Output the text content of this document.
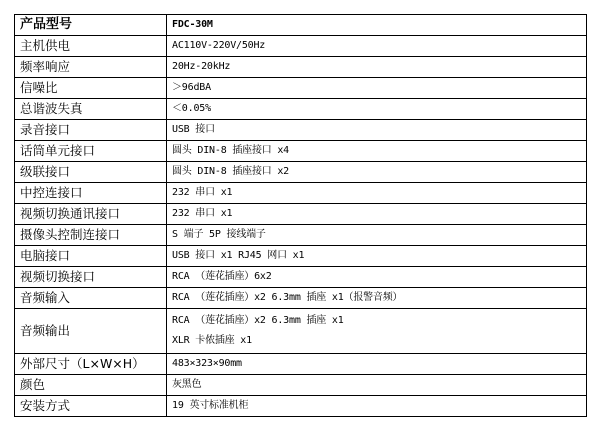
产品型号	FDC-30M
主机供电	AC110V-220V/50Hz
频率响应	20Hz-20kHz
信噪比	＞96dBA
总谐波失真	＜0.05%
录音接口	USB 接口
话筒单元接口	圆头 DIN-8 插座接口 x4
级联接口	圆头 DIN-8 插座接口 x2
中控连接口	232 串口 x1
视频切换通讯接口	232 串口 x1
摄像头控制连接口	S 端子 5P 接线端子
电脑接口	USB 接口 x1 RJ45 网口 x1
视频切换接口	RCA （莲花插座）6x2
音频输入	RCA （莲花插座）x2 6.3mm 插座 x1（报警音频）
音频输出	RCA （莲花插座）x2 6.3mm 插座 x1
XLR 卡侬插座 x1

外部尺寸（L×W×H）	483×323×90mm
颜色	灰黑色
安装方式	19 英寸标准机柜
